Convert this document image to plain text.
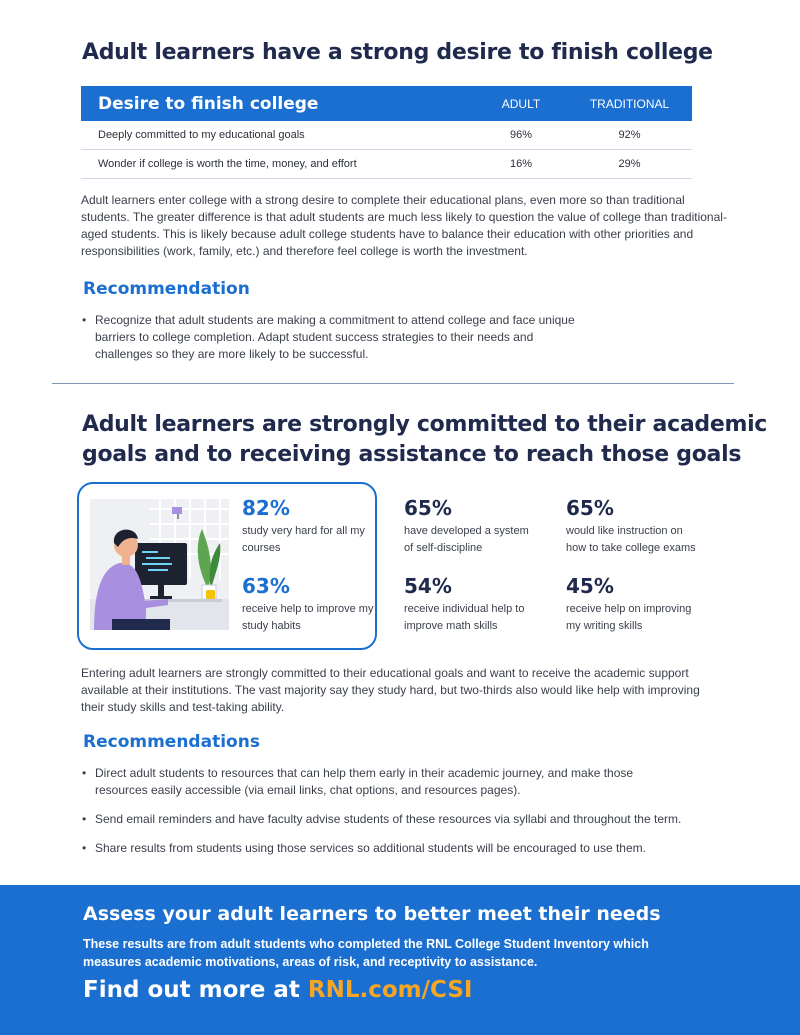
Adult learners have a strong desire to finish college
Desire to finish college	ADULT	TRADITIONAL
Deeply committed to my educational goals	96%	92%
Wonder if college is worth the time, money, and effort	16%	29%

Adult learners enter college with a strong desire to complete their educational plans, even more so than traditional students. The greater difference is that adult students are much less likely to question the value of college than traditional-aged students. This is likely because adult college students have to balance their education with other priorities and responsibilities (work, family, etc.) and therefore feel college is worth the investment.

Recommendation
• Recognize that adult students are making a commitment to attend college and face unique barriers to college completion. Adapt student success strategies to their needs and challenges so they are more likely to be successful.
Adult learners are strongly committed to their academic goals and to receiving assistance to reach those goals
82%
study very hard for all my courses
63%
receive help to improve my study habits
65%
have developed a system of self-discipline
54%
receive individual help to improve math skills
65%
would like instruction on how to take college exams
45%
receive help on improving my writing skills

Entering adult learners are strongly committed to their educational goals and want to receive the academic support available at their institutions. The vast majority say they study hard, but two-thirds also would like help with improving their study skills and test-taking ability.

Recommendations
• Direct adult students to resources that can help them early in their academic journey, and make those resources easily accessible (via email links, chat options, and resources pages).
• Send email reminders and have faculty advise students of these resources via syllabi and throughout the term.
• Share results from students using those services so additional students will be encouraged to use them.
Assess your adult learners to better meet their needs
These results are from adult students who completed the RNL College Student Inventory which measures academic motivations, areas of risk, and receptivity to assistance.
Find out more at RNL.com/CSI
